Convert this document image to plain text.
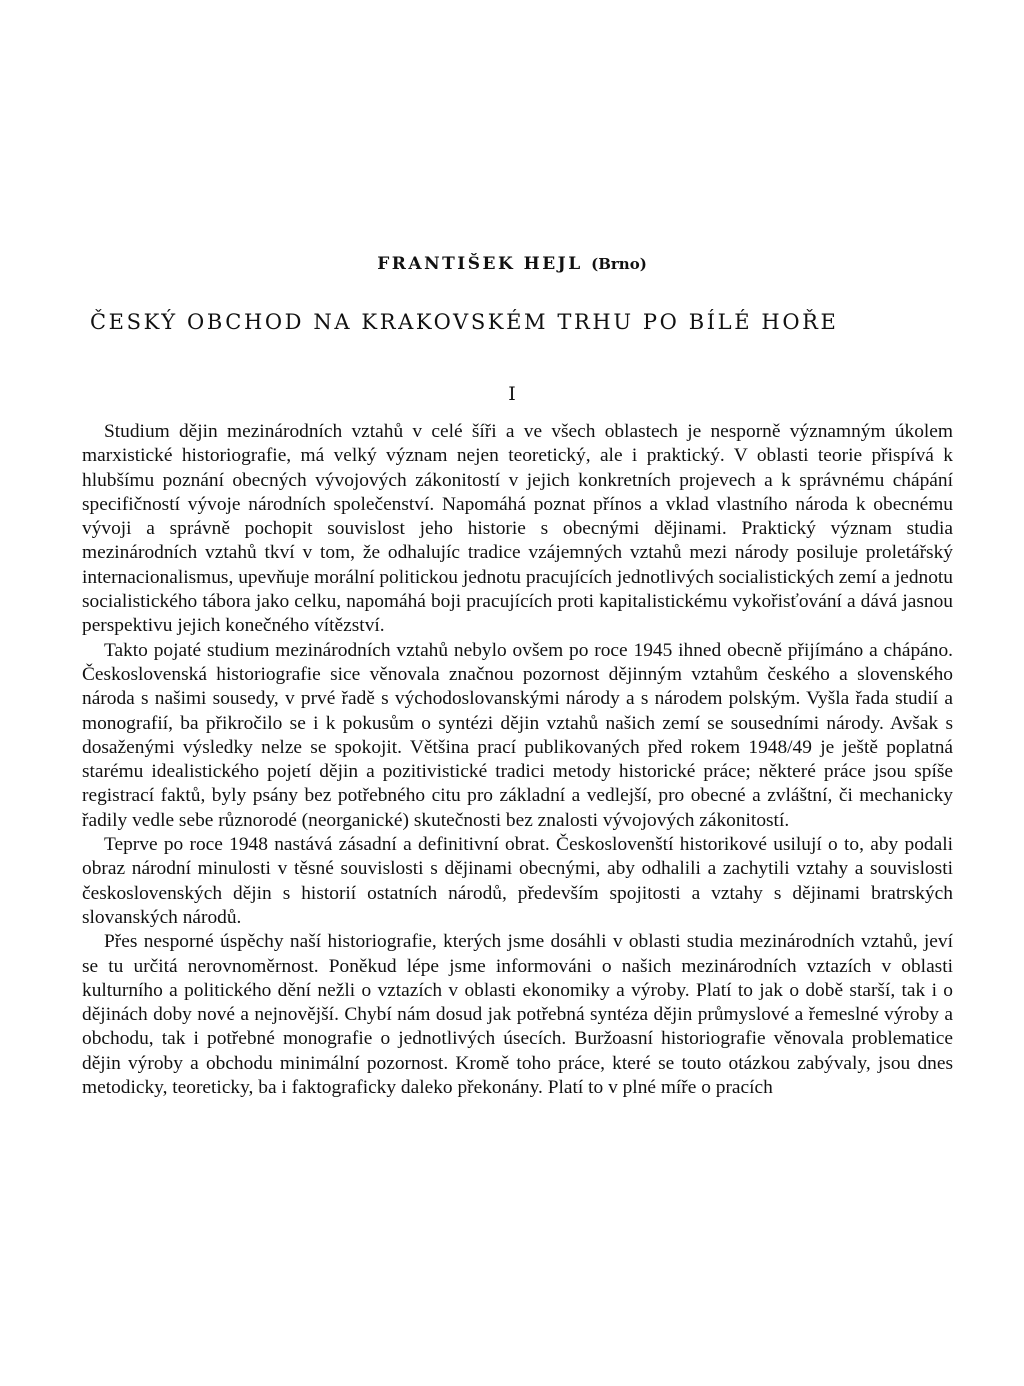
FRANTIŠEK HEJL (Brno)
ČESKÝ OBCHOD NA KRAKOVSKÉM TRHU PO BÍLÉ HOŘE
I

Studium dějin mezinárodních vztahů v celé šíři a ve všech oblastech je nesporně významným úkolem marxistické historiografie, má velký význam nejen teoretický, ale i praktický. V oblasti teorie přispívá k hlubšímu poznání obecných vývojových zákonitostí v jejich konkretních projevech a k správnému chápání specifičností vývoje národních společenství. Napomáhá poznat přínos a vklad vlastního národa k obecnému vývoji a správně pochopit souvislost jeho historie s obecnými dějinami. Praktický význam studia mezinárodních vztahů tkví v tom, že odhalujíc tradice vzájemných vztahů mezi národy posiluje proletářský internacionalismus, upevňuje morální politickou jednotu pracujících jednotlivých socialistických zemí a jednotu socialistického tábora jako celku, napomáhá boji pracujících proti kapitalistickému vykořisťování a dává jasnou perspektivu jejich konečného vítězství.

Takto pojaté studium mezinárodních vztahů nebylo ovšem po roce 1945 ihned obecně přijímáno a chápáno. Československá historiografie sice věnovala značnou pozornost dějinným vztahům českého a slovenského národa s našimi sousedy, v prvé řadě s východoslovanskými národy a s národem polským. Vyšla řada studií a monografií, ba přikročilo se i k pokusům o syntézi dějin vztahů našich zemí se sousedními národy. Avšak s dosaženými výsledky nelze se spokojit. Většina prací publikovaných před rokem 1948/49 je ještě poplatná starému idealistického pojetí dějin a pozitivistické tradici metody historické práce; některé práce jsou spíše registrací faktů, byly psány bez potřebného citu pro základní a vedlejší, pro obecné a zvláštní, či mechanicky řadily vedle sebe různorodé (neorganické) skutečnosti bez znalosti vývojových zákonitostí.

Teprve po roce 1948 nastává zásadní a definitivní obrat. Českoslovenští historikové usilují o to, aby podali obraz národní minulosti v těsné souvislosti s dějinami obecnými, aby odhalili a zachytili vztahy a souvislosti československých dějin s historií ostatních národů, především spojitosti a vztahy s dějinami bratrských slovanských národů.

Přes nesporné úspěchy naší historiografie, kterých jsme dosáhli v oblasti studia mezinárodních vztahů, jeví se tu určitá nerovnoměrnost. Poněkud lépe jsme informováni o našich mezinárodních vztazích v oblasti kulturního a politického dění nežli o vztazích v oblasti ekonomiky a výroby. Platí to jak o době starší, tak i o dějinách doby nové a nejnovější. Chybí nám dosud jak potřebná syntéza dějin průmyslové a řemeslné výroby a obchodu, tak i potřebné monografie o jednotlivých úsecích. Buržoasní historiografie věnovala problematice dějin výroby a obchodu minimální pozornost. Kromě toho práce, které se touto otázkou zabývaly, jsou dnes metodicky, teoreticky, ba i faktograficky daleko překonány. Platí to v plné míře o pracích
